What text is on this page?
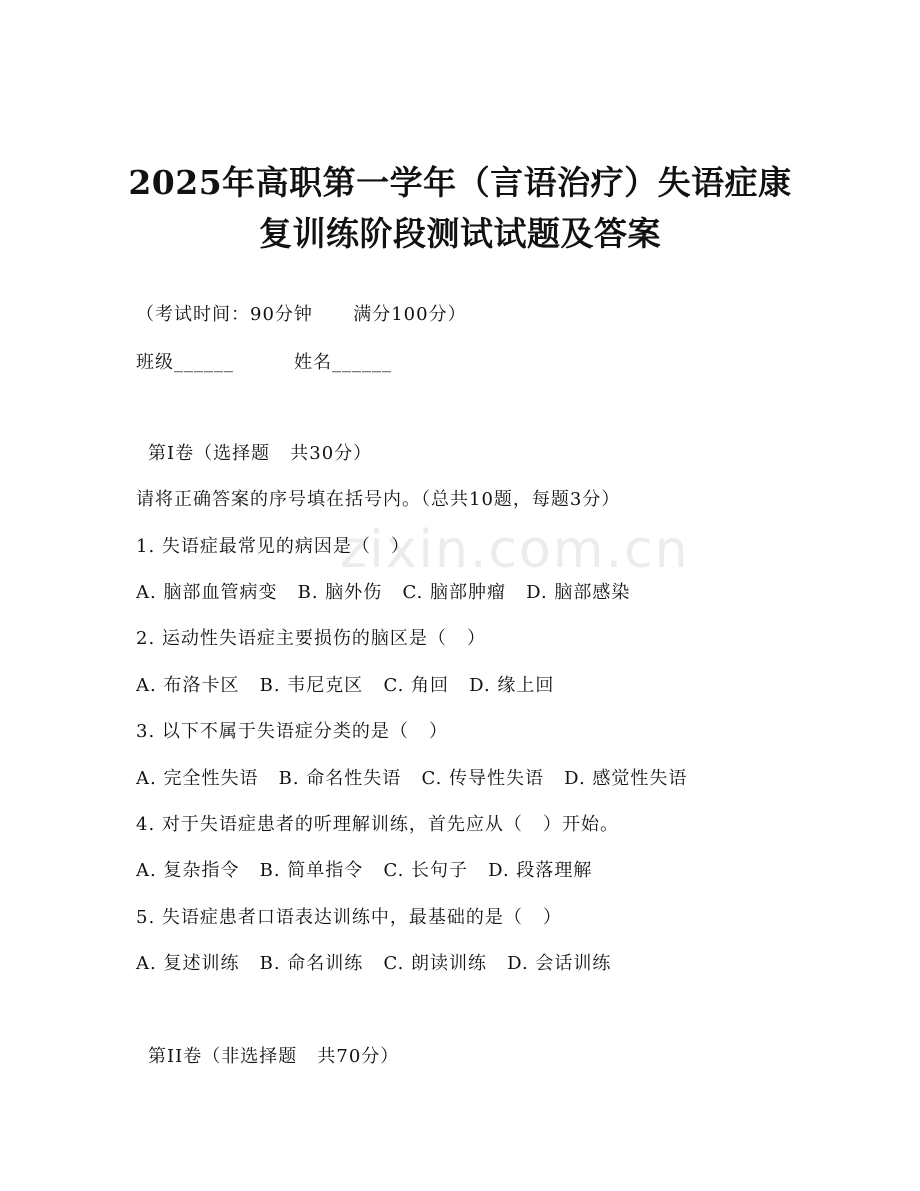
zixin.com.cn
2025年高职第一学年（言语治疗）失语症康
复训练阶段测试试题及答案
（考试时间：90分钟      满分100分）
班级______	姓名______
第I卷（选择题   共30分）
请将正确答案的序号填在括号内。（总共10题，每题3分）
1. 失语症最常见的病因是（   ）
A. 脑部血管病变   B. 脑外伤   C. 脑部肿瘤   D. 脑部感染
2. 运动性失语症主要损伤的脑区是（   ）
A. 布洛卡区   B. 韦尼克区   C. 角回   D. 缘上回
3. 以下不属于失语症分类的是（   ）
A. 完全性失语   B. 命名性失语   C. 传导性失语   D. 感觉性失语
4. 对于失语症患者的听理解训练，首先应从（   ）开始。
A. 复杂指令   B. 简单指令   C. 长句子   D. 段落理解
5. 失语症患者口语表达训练中，最基础的是（   ）
A. 复述训练   B. 命名训练   C. 朗读训练   D. 会话训练
第II卷（非选择题   共70分）
